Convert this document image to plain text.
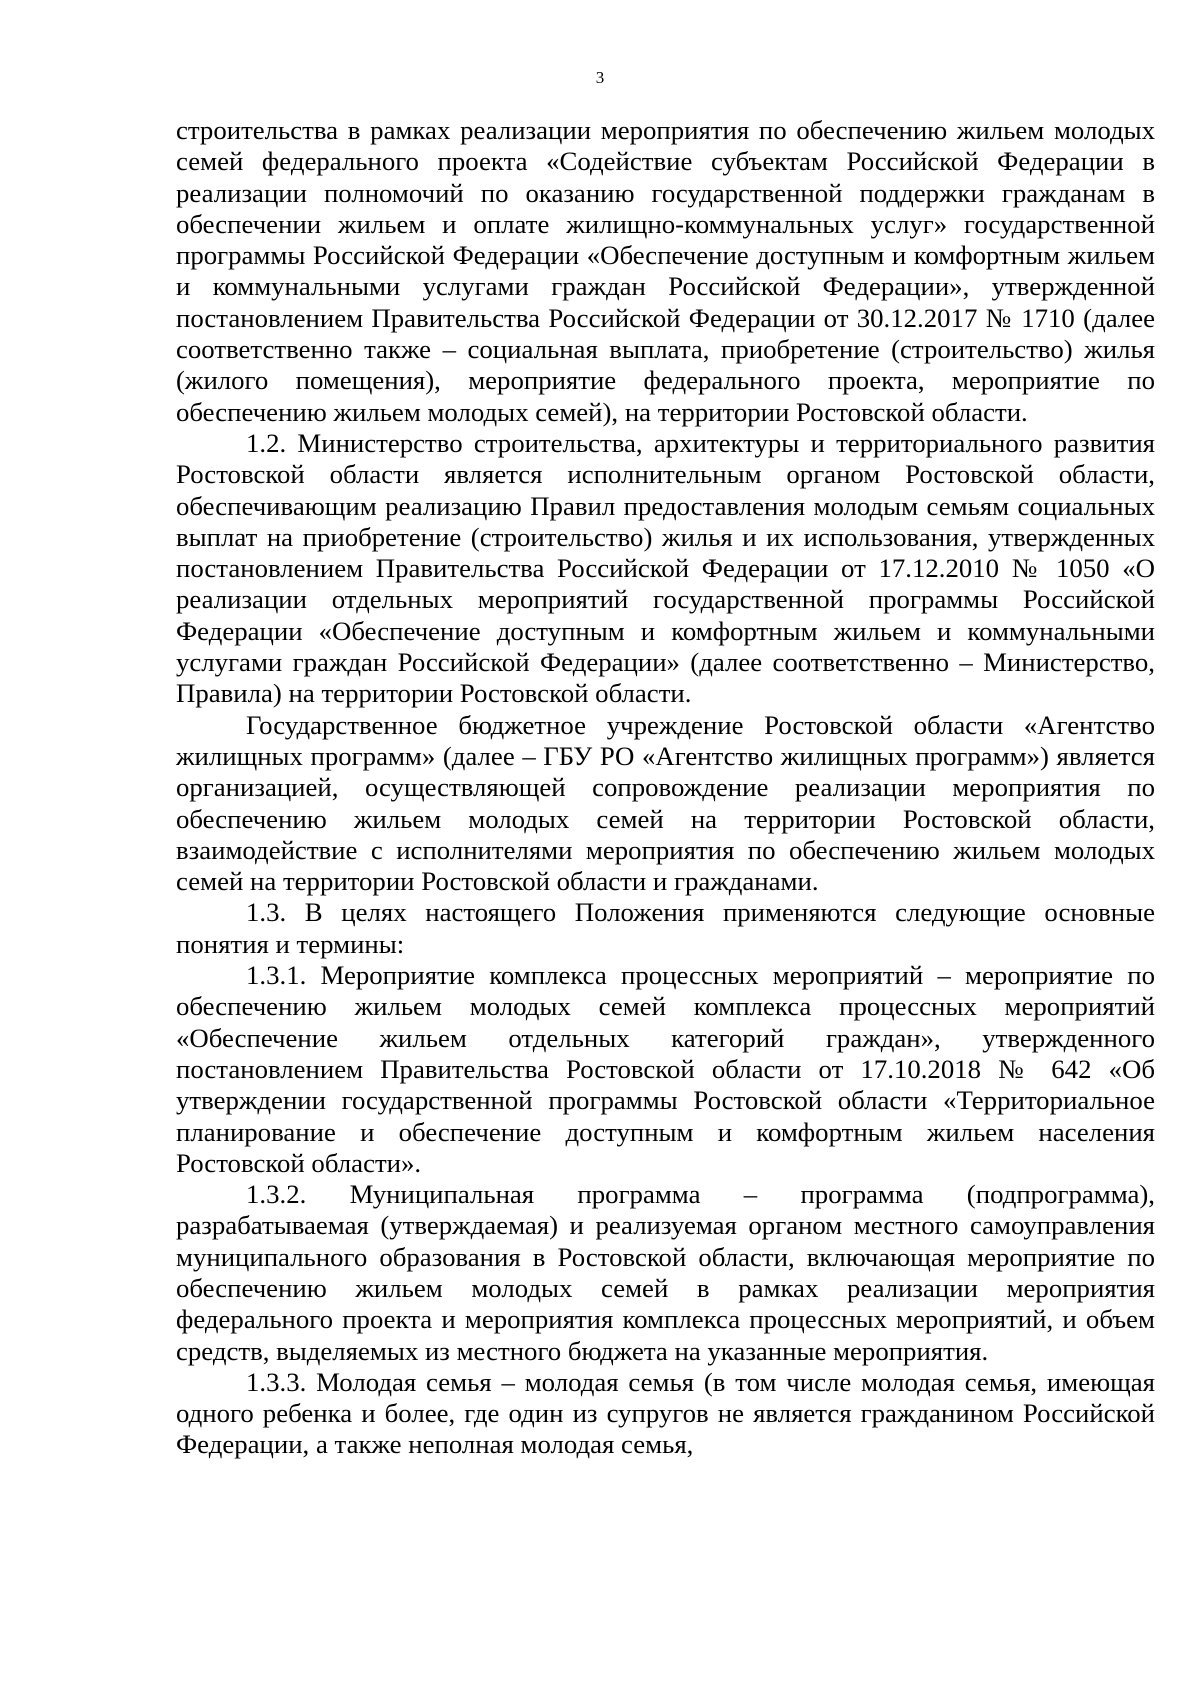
3

строительства в рамках реализации мероприятия по обеспечению жильем молодых семей федерального проекта «Содействие субъектам Российской Федерации в реализации полномочий по оказанию государственной поддержки гражданам в обеспечении жильем и оплате жилищно-коммунальных услуг» государственной программы Российской Федерации «Обеспечение доступным и комфортным жильем и коммунальными услугами граждан Российской Федерации», утвержденной постановлением Правительства Российской Федерации от 30.12.2017 № 1710 (далее соответственно также – социальная выплата, приобретение (строительство) жилья (жилого помещения), мероприятие федерального проекта, мероприятие по обеспечению жильем молодых семей), на территории Ростовской области.

1.2. Министерство строительства, архитектуры и территориального развития Ростовской области является исполнительным органом Ростовской области, обеспечивающим реализацию Правил предоставления молодым семьям социальных выплат на приобретение (строительство) жилья и их использования, утвержденных постановлением Правительства Российской Федерации от 17.12.2010 № 1050 «О реализации отдельных мероприятий государственной программы Российской Федерации «Обеспечение доступным и комфортным жильем и коммунальными услугами граждан Российской Федерации» (далее соответственно – Министерство, Правила) на территории Ростовской области.

Государственное бюджетное учреждение Ростовской области «Агентство жилищных программ» (далее – ГБУ РО «Агентство жилищных программ») является организацией, осуществляющей сопровождение реализации мероприятия по обеспечению жильем молодых семей на территории Ростовской области, взаимодействие с исполнителями мероприятия по обеспечению жильем молодых семей на территории Ростовской области и гражданами.

1.3. В целях настоящего Положения применяются следующие основные понятия и термины:

1.3.1. Мероприятие комплекса процессных мероприятий – мероприятие по обеспечению жильем молодых семей комплекса процессных мероприятий «Обеспечение жильем отдельных категорий граждан», утвержденного постановлением Правительства Ростовской области от 17.10.2018 № 642 «Об утверждении государственной программы Ростовской области «Территориальное планирование и обеспечение доступным и комфортным жильем населения Ростовской области».

1.3.2. Муниципальная программа – программа (подпрограмма), разрабатываемая (утверждаемая) и реализуемая органом местного самоуправления муниципального образования в Ростовской области, включающая мероприятие по обеспечению жильем молодых семей в рамках реализации мероприятия федерального проекта и мероприятия комплекса процессных мероприятий, и объем средств, выделяемых из местного бюджета на указанные мероприятия.

1.3.3. Молодая семья – молодая семья (в том числе молодая семья, имеющая одного ребенка и более, где один из супругов не является гражданином Российской Федерации, а также неполная молодая семья,
